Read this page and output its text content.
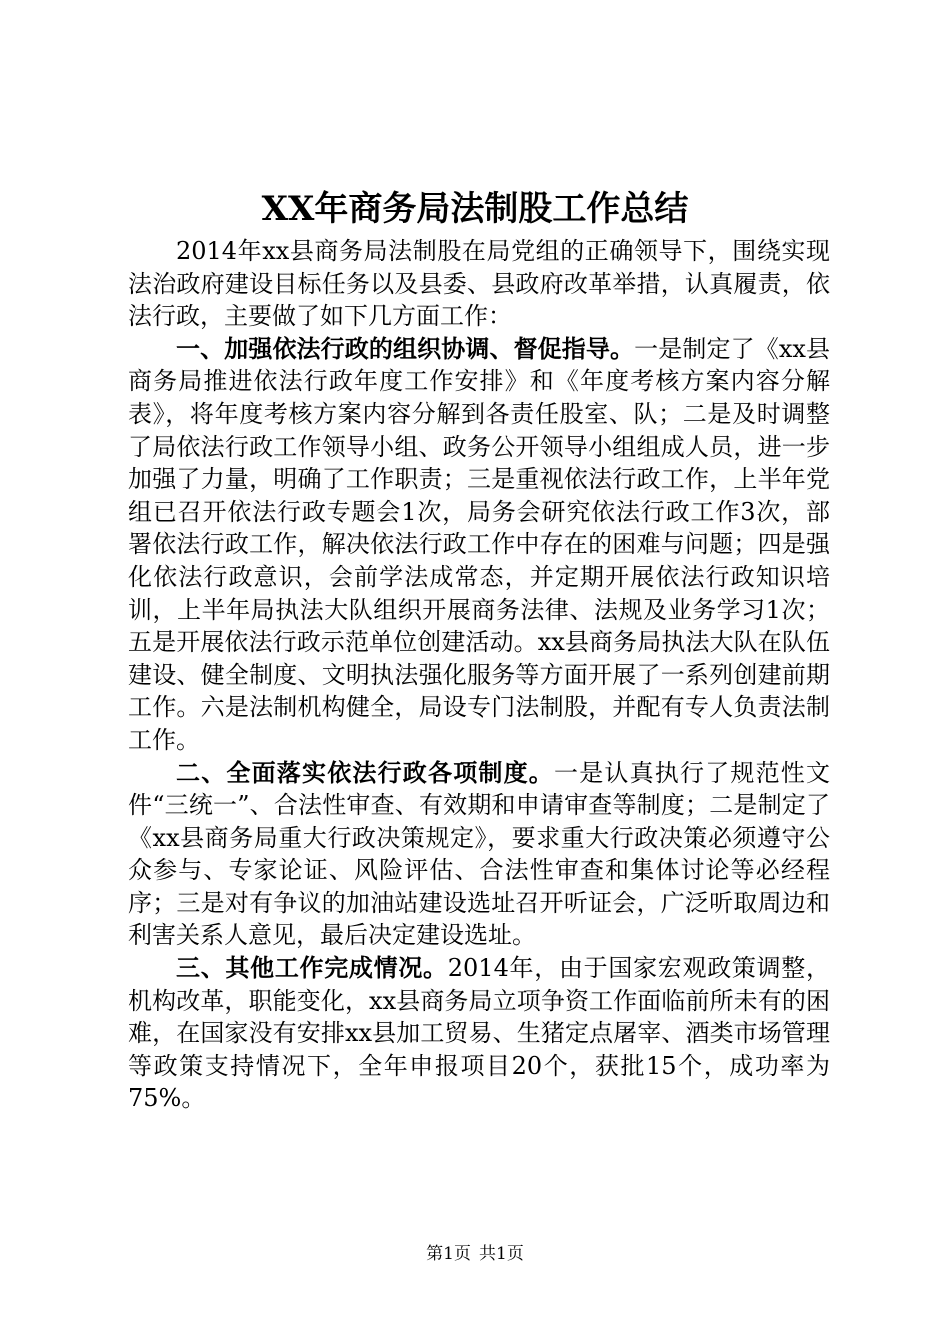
XX年商务局法制股工作总结

2014年xx县商务局法制股在局党组的正确领导下，围绕实现法治政府建设目标任务以及县委、县政府改革举措，认真履责，依法行政，主要做了如下几方面工作：

一、加强依法行政的组织协调、督促指导。一是制定了《xx县商务局推进依法行政年度工作安排》和《年度考核方案内容分解表》，将年度考核方案内容分解到各责任股室、队；二是及时调整了局依法行政工作领导小组、政务公开领导小组组成人员，进一步加强了力量，明确了工作职责；三是重视依法行政工作，上半年党组已召开依法行政专题会1次，局务会研究依法行政工作3次，部署依法行政工作，解决依法行政工作中存在的困难与问题；四是强化依法行政意识，会前学法成常态，并定期开展依法行政知识培训，上半年局执法大队组织开展商务法律、法规及业务学习1次；五是开展依法行政示范单位创建活动。xx县商务局执法大队在队伍建设、健全制度、文明执法强化服务等方面开展了一系列创建前期工作。六是法制机构健全，局设专门法制股，并配有专人负责法制工作。

二、全面落实依法行政各项制度。一是认真执行了规范性文件“三统一”、合法性审查、有效期和申请审查等制度；二是制定了《xx县商务局重大行政决策规定》，要求重大行政决策必须遵守公众参与、专家论证、风险评估、合法性审查和集体讨论等必经程序；三是对有争议的加油站建设选址召开听证会，广泛听取周边和利害关系人意见，最后决定建设选址。

三、其他工作完成情况。2014年，由于国家宏观政策调整，机构改革，职能变化，xx县商务局立项争资工作面临前所未有的困难，在国家没有安排xx县加工贸易、生猪定点屠宰、酒类市场管理等政策支持情况下，全年申报项目20个，获批15个，成功率为75%。

第1页 共1页
